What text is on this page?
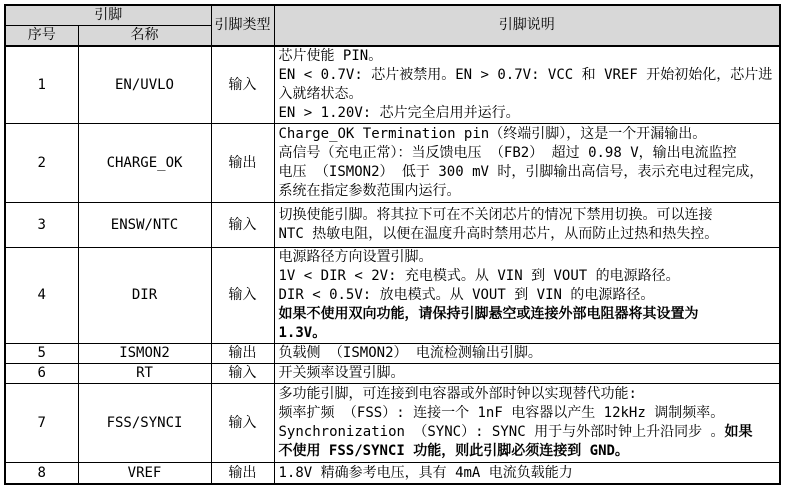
引脚		引脚类型	引脚说明
序号	名称		
1	EN/UVLO	输入	芯片使能 PIN。
EN < 0.7V: 芯片被禁用。EN > 0.7V: VCC 和 VREF 开始初始化，芯片进
入就绪状态。
EN > 1.20V: 芯片完全启用并运行。

2	CHARGE_OK	输出	Charge_OK Termination pin（终端引脚），这是一个开漏输出。
高信号（充电正常）：当反馈电压 （FB2） 超过 0.98 V，输出电流监控
电压 （ISMON2） 低于 300 mV 时，引脚输出高信号，表示充电过程完成，
系统在指定参数范围内运行。

3	ENSW/NTC	输入	切换使能引脚。将其拉下可在不关闭芯片的情况下禁用切换。可以连接
NTC 热敏电阻，以便在温度升高时禁用芯片，从而防止过热和热失控。

4	DIR	输入	电源路径方向设置引脚。
1V < DIR < 2V: 充电模式。从 VIN 到 VOUT 的电源路径。
DIR < 0.5V: 放电模式。从 VOUT 到 VIN 的电源路径。
如果不使用双向功能，请保持引脚悬空或连接外部电阻器将其设置为
1.3V。

5	ISMON2	输出	负载侧 （ISMON2） 电流检测输出引脚。

6	RT	输入	开关频率设置引脚。

7	FSS/SYNCI	输入	多功能引脚，可连接到电容器或外部时钟以实现替代功能:
频率扩频 （FSS）: 连接一个 1nF 电容器以产生 12kHz 调制频率。
Synchronization （SYNC）: SYNC 用于与外部时钟上升沿同步 。如果
不使用 FSS/SYNCI 功能，则此引脚必须连接到 GND。

8	VREF	输出	1.8V 精确参考电压，具有 4mA 电流负载能力
